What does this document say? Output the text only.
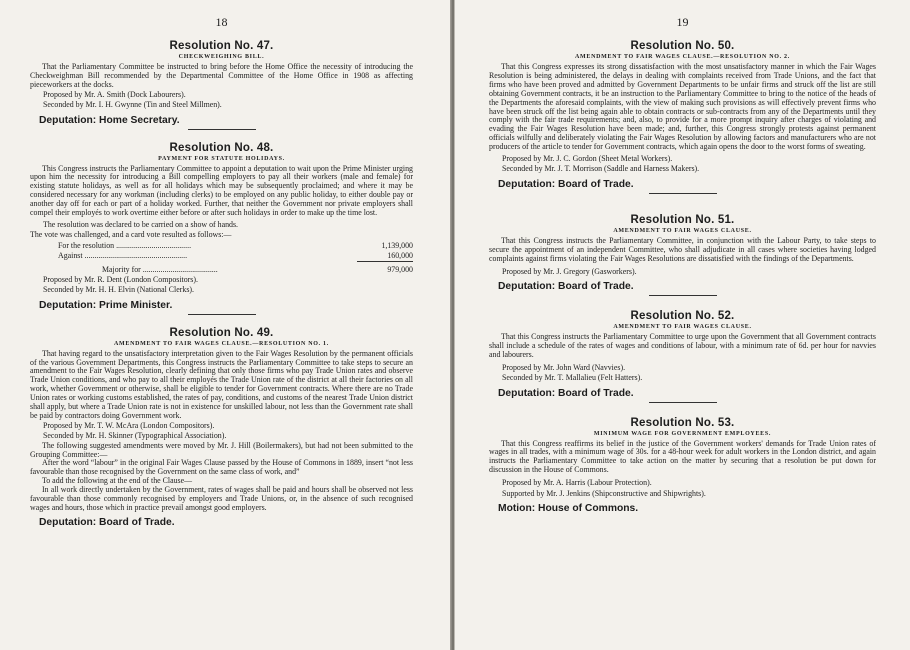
18
Resolution No. 47.
CHECKWEIGHING BILL.

That the Parliamentary Committee be instructed to bring before the Home Office the necessity of introducing the Checkweighman Bill recommended by the Departmental Committee of the Home Office in 1908 as affecting pieceworkers at the docks.

Proposed by Mr. A. Smith (Dock Labourers).
Seconded by Mr. I. H. Gwynne (Tin and Steel Millmen).
Deputation: Home Secretary.
Resolution No. 48.
PAYMENT FOR STATUTE HOLIDAYS.

This Congress instructs the Parliamentary Committee to appoint a deputation to wait upon the Prime Minister urging upon him the necessity for introducing a Bill compelling employers to pay all their workers (male and female) for existing statute holidays, as well as for all holidays which may be subsequently proclaimed; and where it may be considered necessary for any workman (including clerks) to be employed on any public holiday, to either double pay or another day off for each or part of a holiday worked. Further, that neither the Government nor private employers shall compel their employés to work overtime either before or after such holidays in order to make up the time lost.

The resolution was declared to be carried on a show of hands.
The vote was challenged, and a card vote resulted as follows:—
For the resolution ......................................	1,139,000
Against ....................................................	160,000
Majority for ......................................	979,000
Proposed by Mr. R. Dent (London Compositors).
Seconded by Mr. H. H. Elvin (National Clerks).
Deputation: Prime Minister.
Resolution No. 49.
AMENDMENT TO FAIR WAGES CLAUSE.—RESOLUTION NO. 1.

That having regard to the unsatisfactory interpretation given to the Fair Wages Resolution by the permanent officials of the various Government Departments, this Congress instructs the Parliamentary Committee to take steps to secure an amendment to the Fair Wages Resolution, clearly defining that only those firms who pay Trade Union rates and observe Trade Union conditions, and who pay to all their employés the Trade Union rate of the district at all their factories on all work, whether Government or otherwise, shall be eligible to tender for Government contracts. Where there are no Trade Union rates or working customs established, the rates of pay, conditions, and customs of the nearest Trade Union district shall apply, but where a Trade Union rate is not in existence for unskilled labour, not less than the Government rate shall be paid by contractors doing Government work.

Proposed by Mr. T. W. McAra (London Compositors).
Seconded by Mr. H. Skinner (Typographical Association).

The following suggested amendments were moved by Mr. J. Hill (Boilermakers), but had not been submitted to the Grouping Committee:—

After the word “labour” in the original Fair Wages Clause passed by the House of Commons in 1889, insert “not less favourable than those recognised by the Government on the same class of work, and”

To add the following at the end of the Clause—

In all work directly undertaken by the Government, rates of wages shall be paid and hours shall be observed not less favourable than those commonly recognised by employers and Trade Unions, or, in the absence of such recognised wages and hours, those which in practice prevail amongst good employers.

Deputation: Board of Trade.
19
Resolution No. 50.
AMENDMENT TO FAIR WAGES CLAUSE.—RESOLUTION NO. 2.

That this Congress expresses its strong dissatisfaction with the most unsatisfactory manner in which the Fair Wages Resolution is being administered, the delays in dealing with complaints received from Trade Unions, and the fact that firms who have been proved and admitted by Government Departments to be unfair firms and struck off the list are still obtaining Government contracts, it be an instruction to the Parliamentary Committee to bring to the notice of the heads of the Departments the aforesaid complaints, with the view of making such provisions as will effectively prevent firms who have been struck off the list being again able to obtain contracts or sub-contracts from any of the Departments until they comply with the fair trade requirements; and, also, to provide for a more prompt inquiry after charges of violating and evading the Fair Wages Resolution have been made; and, further, this Congress strongly protests against permanent officials wilfully and deliberately violating the Fair Wages Resolution by allowing factors and manufacturers who are not producers of the article to tender for Government contracts, which again opens the door to the worst forms of sweating.

Proposed by Mr. J. C. Gordon (Sheet Metal Workers).
Seconded by Mr. J. T. Morrison (Saddle and Harness Makers).
Deputation: Board of Trade.
Resolution No. 51.
AMENDMENT TO FAIR WAGES CLAUSE.

That this Congress instructs the Parliamentary Committee, in conjunction with the Labour Party, to take steps to secure the appointment of an independent Committee, who shall adjudicate in all cases where societies having lodged complaints against firms violating the Fair Wages Resolutions are dissatisfied with the findings of the Departments.

Proposed by Mr. J. Gregory (Gasworkers).
Deputation: Board of Trade.
Resolution No. 52.
AMENDMENT TO FAIR WAGES CLAUSE.

That this Congress instructs the Parliamentary Committee to urge upon the Government that all Government contracts shall include a schedule of the rates of wages and conditions of labour, with a minimum rate of 6d. per hour for navvies and labourers.

Proposed by Mr. John Ward (Navvies).
Seconded by Mr. T. Mallalieu (Felt Hatters).
Deputation: Board of Trade.
Resolution No. 53.
MINIMUM WAGE FOR GOVERNMENT EMPLOYEES.

That this Congress reaffirms its belief in the justice of the Government workers' demands for Trade Union rates of wages in all trades, with a minimum wage of 30s. for a 48-hour week for adult workers in the London district, and again instructs the Parliamentary Committee to take action on the matter by securing that a resolution be put down for discussion in the House of Commons.

Proposed by Mr. A. Harris (Labour Protection).
Supported by Mr. J. Jenkins (Shipconstructive and Shipwrights).
Motion: House of Commons.
